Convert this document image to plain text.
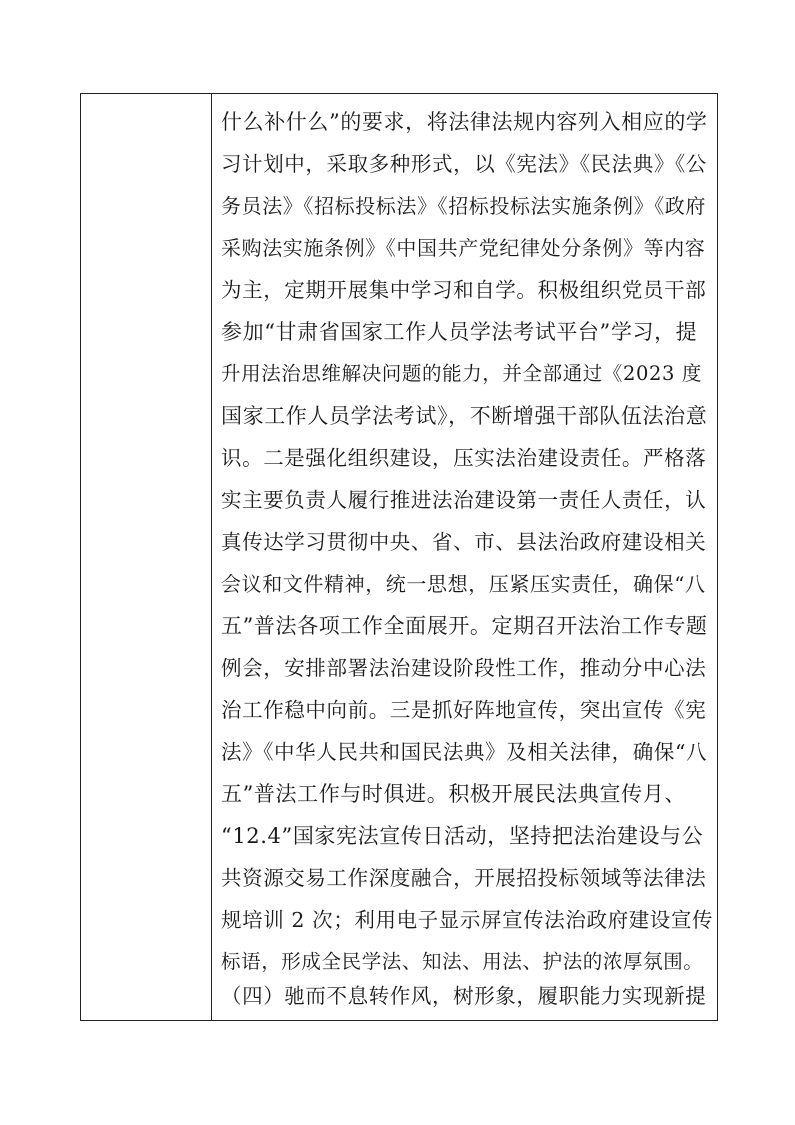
什么补什么”的要求，将法律法规内容列入相应的学
习计划中，采取多种形式，以《宪法》《民法典》《公
务员法》《招标投标法》《招标投标法实施条例》《政府
采购法实施条例》《中国共产党纪律处分条例》等内容
为主，定期开展集中学习和自学。积极组织党员干部
参加“甘肃省国家工作人员学法考试平台”学习，提
升用法治思维解决问题的能力，并全部通过《2023 度
国家工作人员学法考试》，不断增强干部队伍法治意
识。二是强化组织建设，压实法治建设责任。严格落
实主要负责人履行推进法治建设第一责任人责任，认
真传达学习贯彻中央、省、市、县法治政府建设相关
会议和文件精神，统一思想，压紧压实责任，确保“八
五”普法各项工作全面展开。定期召开法治工作专题
例会，安排部署法治建设阶段性工作，推动分中心法
治工作稳中向前。三是抓好阵地宣传，突出宣传《宪
法》《中华人民共和国民法典》及相关法律，确保“八
五”普法工作与时俱进。积极开展民法典宣传月、
“12.4”国家宪法宣传日活动，坚持把法治建设与公
共资源交易工作深度融合，开展招投标领域等法律法
规培训 2 次；利用电子显示屏宣传法治政府建设宣传
标语，形成全民学法、知法、用法、护法的浓厚氛围。
（四）驰而不息转作风，树形象，履职能力实现新提
